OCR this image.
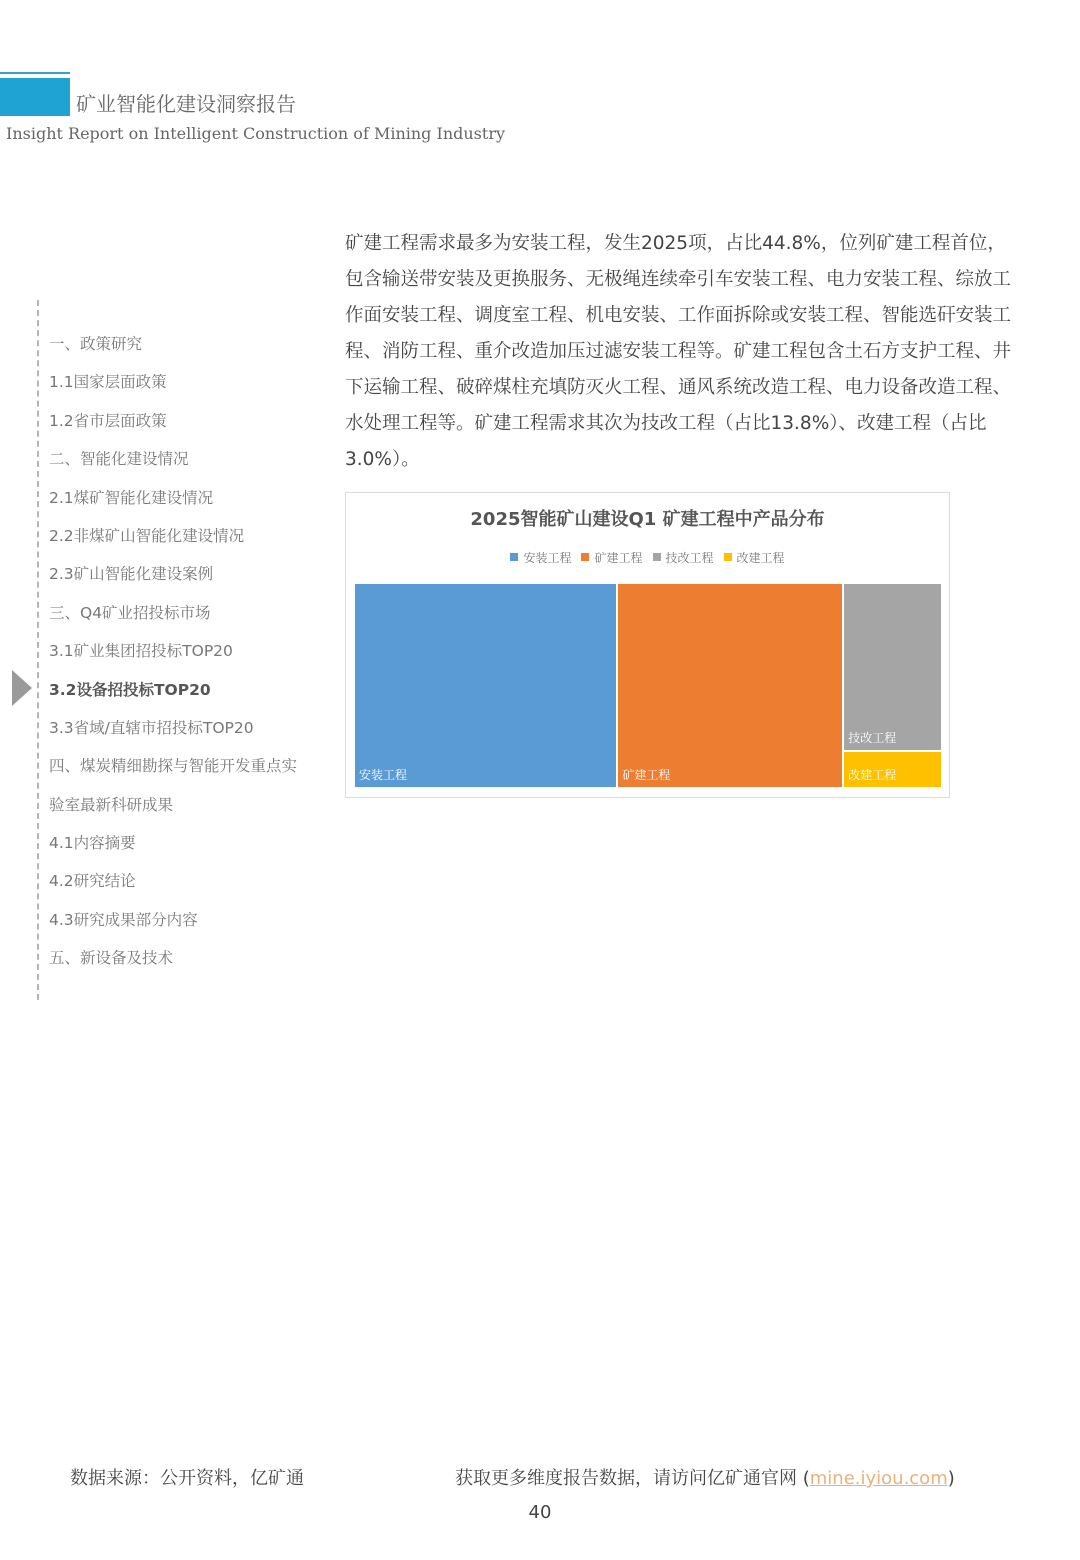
矿业智能化建设洞察报告
Insight Report on Intelligent Construction of Mining Industry
一、政策研究
1.1国家层面政策
1.2省市层面政策
二、智能化建设情况
2.1煤矿智能化建设情况
2.2非煤矿山智能化建设情况
2.3矿山智能化建设案例
三、Q4矿业招投标市场
3.1矿业集团招投标TOP20
3.2设备招投标TOP20
3.3省域/直辖市招投标TOP20
四、煤炭精细勘探与智能开发重点实
验室最新科研成果
4.1内容摘要
4.2研究结论
4.3研究成果部分内容
五、新设备及技术
矿建工程需求最多为安装工程，发生2025项，占比44.8%，位列矿建工程首位，包含输送带安装及更换服务、无极绳连续牵引车安装工程、电力安装工程、综放工作面安装工程、调度室工程、机电安装、工作面拆除或安装工程、智能选矸安装工程、消防工程、重介改造加压过滤安装工程等。矿建工程包含土石方支护工程、井下运输工程、破碎煤柱充填防灭火工程、通风系统改造工程、电力设备改造工程、水处理工程等。矿建工程需求其次为技改工程（占比13.8%）、改建工程（占比3.0%）。
2025智能矿山建设Q1 矿建工程中产品分布
安装工程 矿建工程 技改工程 改建工程
安装工程	矿建工程
技改工程
改建工程
数据来源：公开资料，亿矿通	获取更多维度报告数据，请访问亿矿通官网 (mine.iyiou.com)
40
